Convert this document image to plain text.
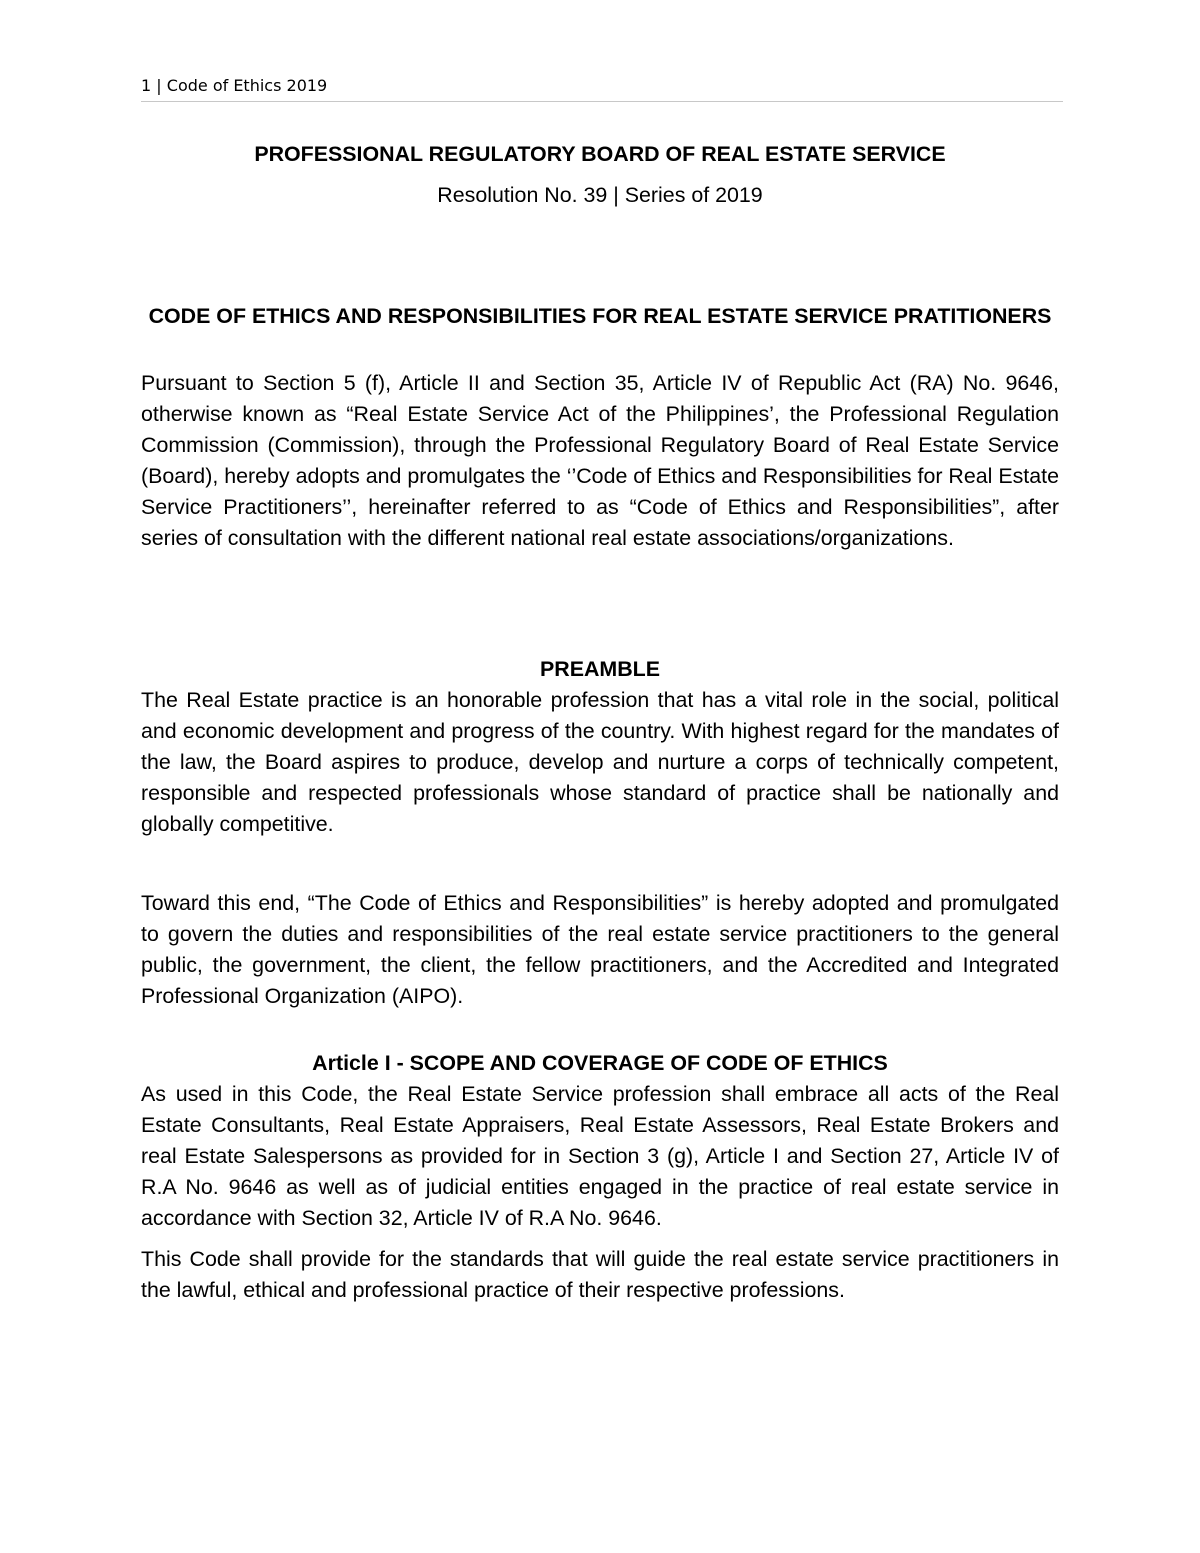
1 | Code of Ethics 2019

PROFESSIONAL REGULATORY BOARD OF REAL ESTATE SERVICE

Resolution No. 39 | Series of 2019

CODE OF ETHICS AND RESPONSIBILITIES FOR REAL ESTATE SERVICE PRATITIONERS

Pursuant to Section 5 (f), Article II and Section 35, Article IV of Republic Act (RA) No. 9646, otherwise known as “Real Estate Service Act of the Philippines’, the Professional Regulation Commission (Commission), through the Professional Regulatory Board of Real Estate Service (Board), hereby adopts and promulgates the ‘’Code of Ethics and Responsibilities for Real Estate Service Practitioners’’, hereinafter referred to as “Code of Ethics and Responsibilities”, after series of consultation with the different national real estate associations/organizations.

PREAMBLE

The Real Estate practice is an honorable profession that has a vital role in the social, political and economic development and progress of the country. With highest regard for the mandates of the law, the Board aspires to produce, develop and nurture a corps of technically competent, responsible and respected professionals whose standard of practice shall be nationally and globally competitive.

Toward this end, “The Code of Ethics and Responsibilities” is hereby adopted and promulgated to govern the duties and responsibilities of the real estate service practitioners to the general public, the government, the client, the fellow practitioners, and the Accredited and Integrated Professional Organization (AIPO).

Article I - SCOPE AND COVERAGE OF CODE OF ETHICS

As used in this Code, the Real Estate Service profession shall embrace all acts of the Real Estate Consultants, Real Estate Appraisers, Real Estate Assessors, Real Estate Brokers and real Estate Salespersons as provided for in Section 3 (g), Article I and Section 27, Article IV of R.A No. 9646 as well as of judicial entities engaged in the practice of real estate service in accordance with Section 32, Article IV of R.A No. 9646.

This Code shall provide for the standards that will guide the real estate service practitioners in the lawful, ethical and professional practice of their respective professions.
